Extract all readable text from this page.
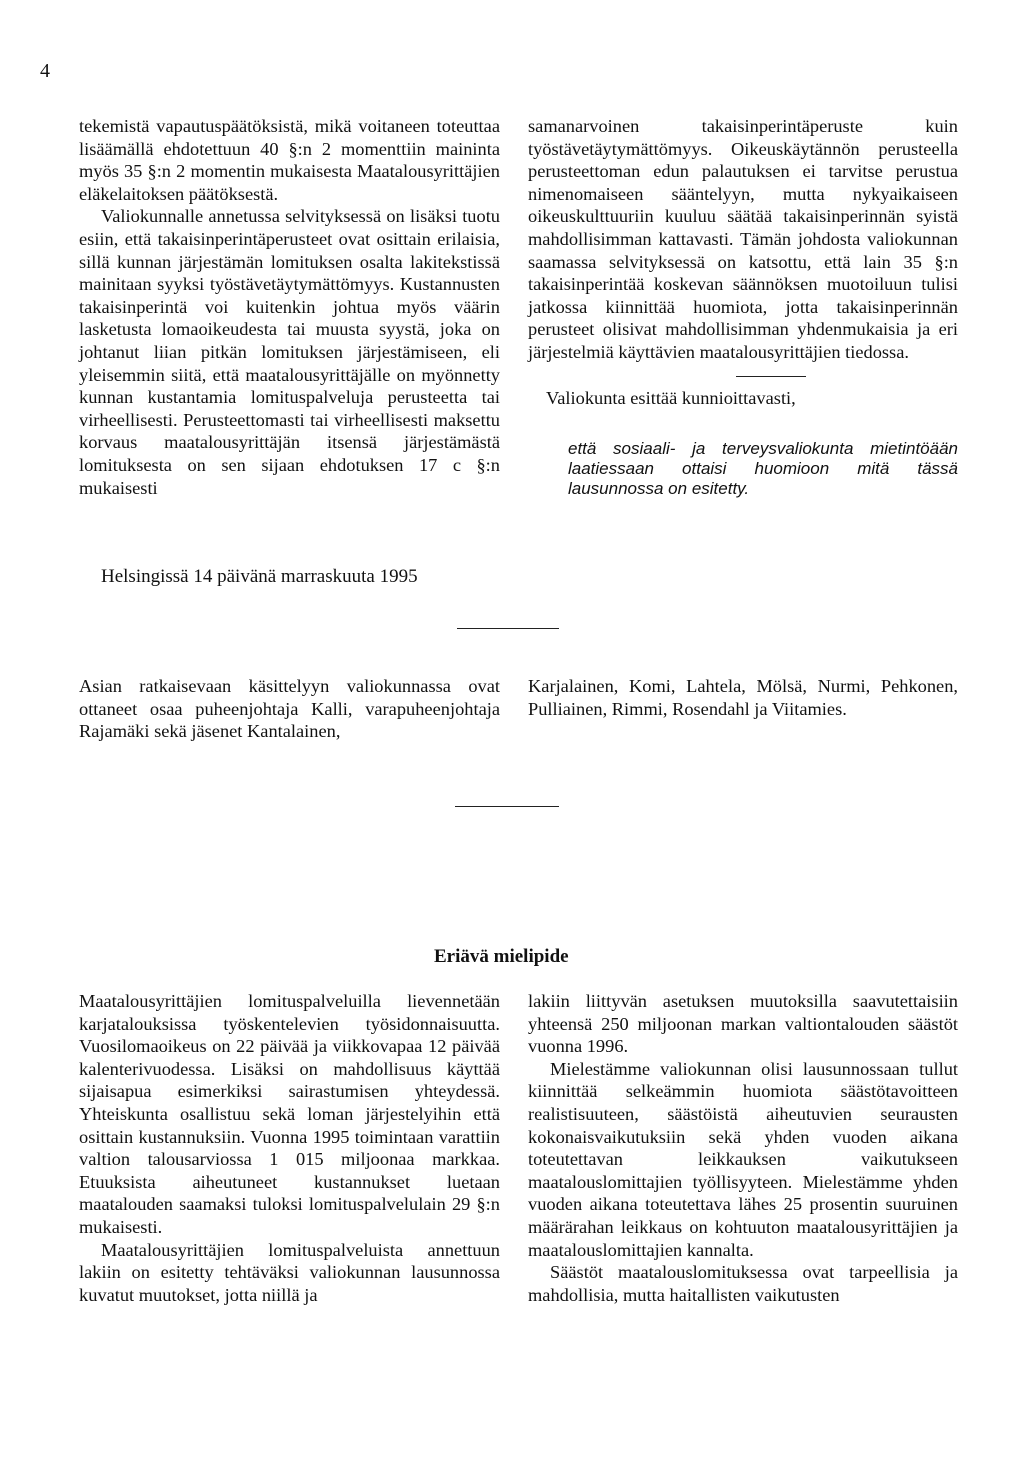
4

tekemistä vapautuspäätöksistä, mikä voitaneen toteuttaa lisäämällä ehdotettuun 40 §:n 2 momenttiin maininta myös 35 §:n 2 momentin mukaisesta Maatalousyrittäjien eläkelaitoksen päätöksestä.

Valiokunnalle annetussa selvityksessä on lisäksi tuotu esiin, että takaisinperintäperusteet ovat osittain erilaisia, sillä kunnan järjestämän lomituksen osalta lakitekstissä mainitaan syyksi työstävetäytymättömyys. Kustannusten takaisinperintä voi kuitenkin johtua myös väärin lasketusta lomaoikeudesta tai muusta syystä, joka on johtanut liian pitkän lomituksen järjestämiseen, eli yleisemmin siitä, että maatalousyrittäjälle on myönnetty kunnan kustantamia lomituspalveluja perusteetta tai virheellisesti. Perusteettomasti tai virheellisesti maksettu korvaus maatalousyrittäjän itsensä järjestämästä lomituksesta on sen sijaan ehdotuksen 17 c §:n mukaisesti

samanarvoinen takaisinperintäperuste kuin työstävetäytymättömyys. Oikeuskäytännön perusteella perusteettoman edun palautuksen ei tarvitse perustua nimenomaiseen sääntelyyn, mutta nykyaikaiseen oikeuskulttuuriin kuuluu säätää takaisinperinnän syistä mahdollisimman kattavasti. Tämän johdosta valiokunnan saamassa selvityksessä on katsottu, että lain 35 §:n takaisinperintää koskevan säännöksen muotoiluun tulisi jatkossa kiinnittää huomiota, jotta takaisinperinnän perusteet olisivat mahdollisimman yhdenmukaisia ja eri järjestelmiä käyttävien maatalousyrittäjien tiedossa.

Valiokunta esittää kunnioittavasti,

että sosiaali- ja terveysvaliokunta mietintöään laatiessaan ottaisi huomioon mitä tässä lausunnossa on esitetty.

Helsingissä 14 päivänä marraskuuta 1995

Asian ratkaisevaan käsittelyyn valiokunnassa ovat ottaneet osaa puheenjohtaja Kalli, varapuheenjohtaja Rajamäki sekä jäsenet Kantalainen,

Karjalainen, Komi, Lahtela, Mölsä, Nurmi, Pehkonen, Pulliainen, Rimmi, Rosendahl ja Viitamies.

Eriävä mielipide

Maatalousyrittäjien lomituspalveluilla lievennetään karjatalouksissa työskentelevien työsidonnaisuutta. Vuosilomaoikeus on 22 päivää ja viikkovapaa 12 päivää kalenterivuodessa. Lisäksi on mahdollisuus käyttää sijaisapua esimerkiksi sairastumisen yhteydessä. Yhteiskunta osallistuu sekä loman järjestelyihin että osittain kustannuksiin. Vuonna 1995 toimintaan varattiin valtion talousarviossa 1 015 miljoonaa markkaa. Etuuksista aiheutuneet kustannukset luetaan maatalouden saamaksi tuloksi lomituspalvelulain 29 §:n mukaisesti.

Maatalousyrittäjien lomituspalveluista annettuun lakiin on esitetty tehtäväksi valiokunnan lausunnossa kuvatut muutokset, jotta niillä ja

lakiin liittyvän asetuksen muutoksilla saavutettaisiin yhteensä 250 miljoonan markan valtiontalouden säästöt vuonna 1996.

Mielestämme valiokunnan olisi lausunnossaan tullut kiinnittää selkeämmin huomiota säästötavoitteen realistisuuteen, säästöistä aiheutuvien seurausten kokonaisvaikutuksiin sekä yhden vuoden aikana toteutettavan leikkauksen vaikutukseen maatalouslomittajien työllisyyteen. Mielestämme yhden vuoden aikana toteutettava lähes 25 prosentin suuruinen määrärahan leikkaus on kohtuuton maatalousyrittäjien ja maatalouslomittajien kannalta.

Säästöt maatalouslomituksessa ovat tarpeellisia ja mahdollisia, mutta haitallisten vaikutusten
